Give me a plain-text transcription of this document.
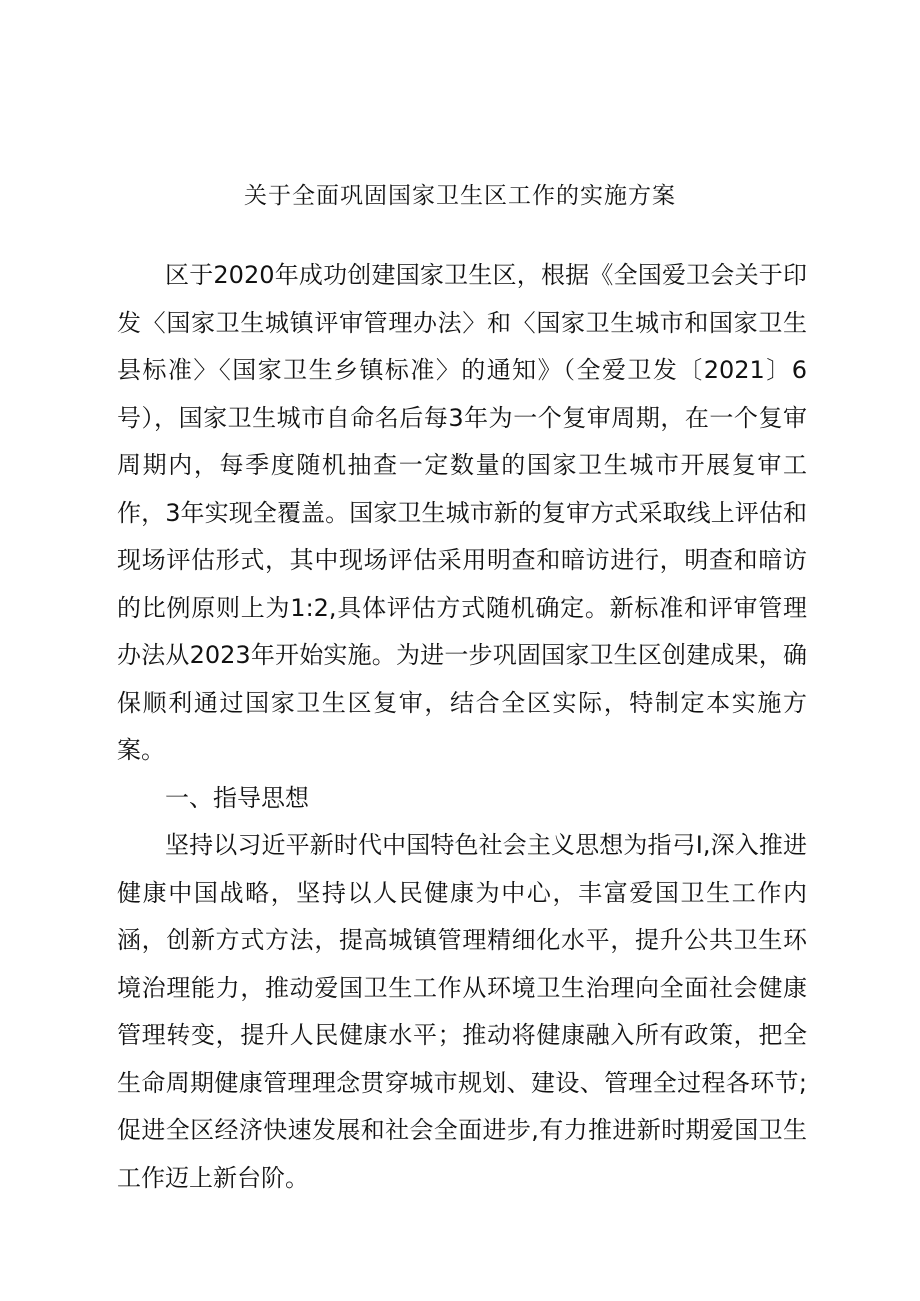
关于全面巩固国家卫生区工作的实施方案

区于2020年成功创建国家卫生区，根据《全国爱卫会关于印发〈国家卫生城镇评审管理办法〉和〈国家卫生城市和国家卫生县标准〉〈国家卫生乡镇标准〉的通知》（全爱卫发〔2021〕6号），国家卫生城市自命名后每3年为一个复审周期，在一个复审周期内，每季度随机抽查一定数量的国家卫生城市开展复审工作，3年实现全覆盖。国家卫生城市新的复审方式采取线上评估和现场评估形式，其中现场评估采用明查和暗访进行，明查和暗访的比例原则上为1:2,具体评估方式随机确定。新标准和评审管理办法从2023年开始实施。为进一步巩固国家卫生区创建成果，确保顺利通过国家卫生区复审，结合全区实际，特制定本实施方案。

一、指导思想

坚持以习近平新时代中国特色社会主义思想为指弓I,深入推进健康中国战略，坚持以人民健康为中心，丰富爱国卫生工作内涵，创新方式方法，提高城镇管理精细化水平，提升公共卫生环境治理能力，推动爱国卫生工作从环境卫生治理向全面社会健康管理转变，提升人民健康水平；推动将健康融入所有政策，把全生命周期健康管理理念贯穿城市规划、建设、管理全过程各环节;促进全区经济快速发展和社会全面进步,有力推进新时期爱国卫生工作迈上新台阶。
